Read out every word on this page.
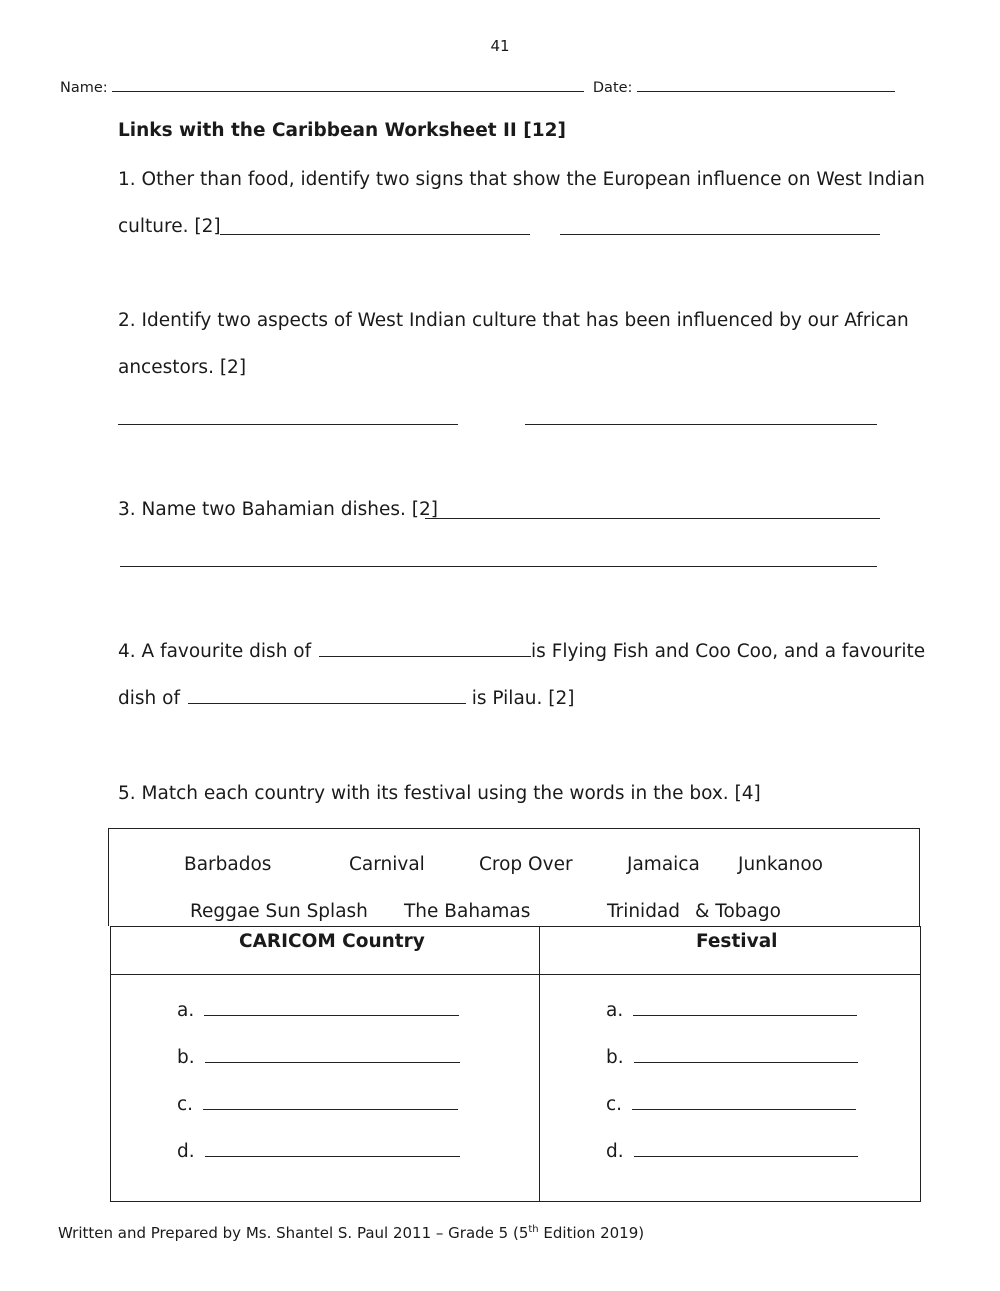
41
Name:	Date:
Links with the Caribbean Worksheet II [12]
1. Other than food, identify two signs that show the European influence on West Indian
culture. [2]
2. Identify two aspects of West Indian culture that has been influenced by our African
ancestors. [2]
3. Name two Bahamian dishes. [2]
4. A favourite dish of	is Flying Fish and Coo Coo, and a favourite
dish of	is Pilau. [2]
5. Match each country with its festival using the words in the box. [4]
Barbados	Carnival	Crop Over	Jamaica Junkanoo
Reggae Sun Splash The Bahamas	Trinidad & Tobago
CARICOM Country	Festival
a.
b.
c.
d.
a.
b.
c.
d.
Written and Prepared by Ms. Shantel S. Paul 2011 – Grade 5 (5th Edition 2019)
